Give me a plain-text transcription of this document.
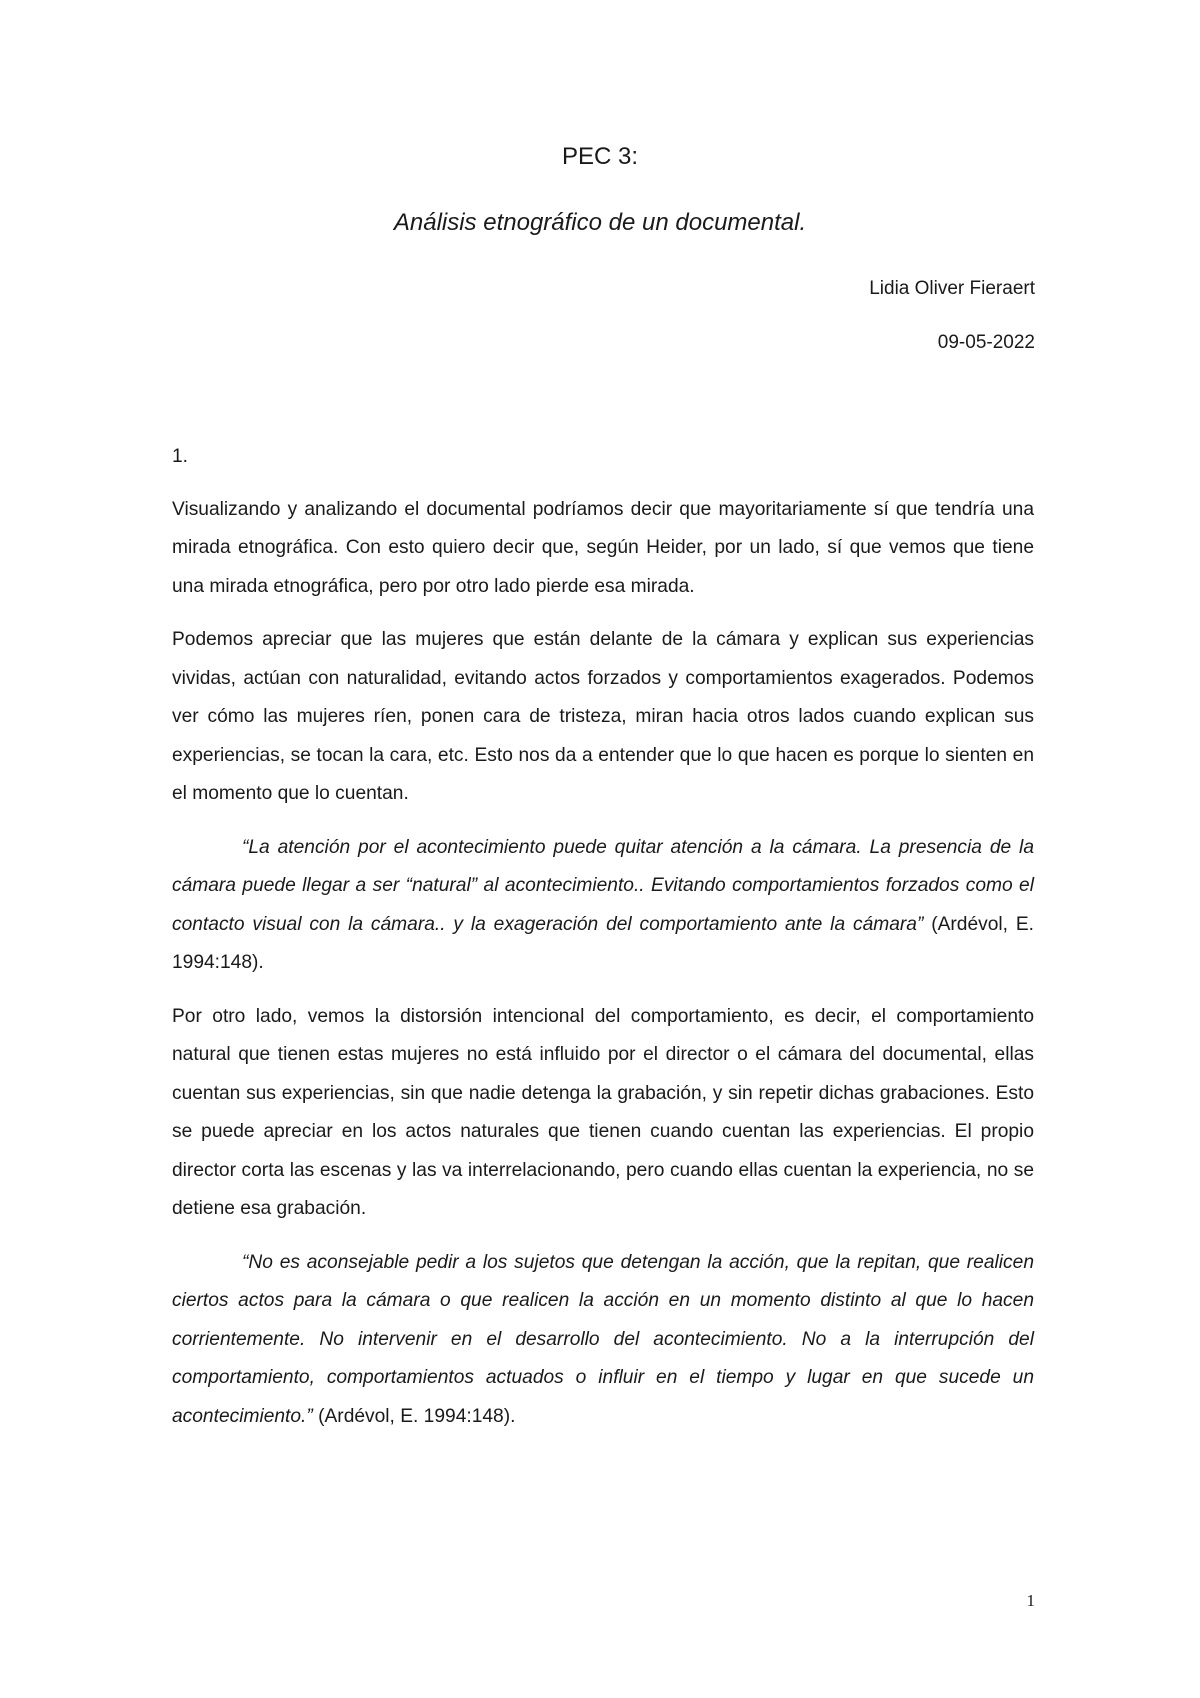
PEC 3:
Análisis etnográfico de un documental.
Lidia Oliver Fieraert
09-05-2022

1.

Visualizando y analizando el documental podríamos decir que mayoritariamente sí que tendría una mirada etnográfica. Con esto quiero decir que, según Heider, por un lado, sí que vemos que tiene una mirada etnográfica, pero por otro lado pierde esa mirada.

Podemos apreciar que las mujeres que están delante de la cámara y explican sus experiencias vividas, actúan con naturalidad, evitando actos forzados y comportamientos exagerados. Podemos ver cómo las mujeres ríen, ponen cara de tristeza, miran hacia otros lados cuando explican sus experiencias, se tocan la cara, etc. Esto nos da a entender que lo que hacen es porque lo sienten en el momento que lo cuentan.

“La atención por el acontecimiento puede quitar atención a la cámara. La presencia de la cámara puede llegar a ser “natural” al acontecimiento.. Evitando comportamientos forzados como el contacto visual con la cámara.. y la exageración del comportamiento ante la cámara” (Ardévol, E. 1994:148).

Por otro lado, vemos la distorsión intencional del comportamiento, es decir, el comportamiento natural que tienen estas mujeres no está influido por el director o el cámara del documental, ellas cuentan sus experiencias, sin que nadie detenga la grabación, y sin repetir dichas grabaciones. Esto se puede apreciar en los actos naturales que tienen cuando cuentan las experiencias. El propio director corta las escenas y las va interrelacionando, pero cuando ellas cuentan la experiencia, no se detiene esa grabación.

“No es aconsejable pedir a los sujetos que detengan la acción, que la repitan, que realicen ciertos actos para la cámara o que realicen la acción en un momento distinto al que lo hacen corrientemente. No intervenir en el desarrollo del acontecimiento. No a la interrupción del comportamiento, comportamientos actuados o influir en el tiempo y lugar en que sucede un acontecimiento.” (Ardévol, E. 1994:148).

1
